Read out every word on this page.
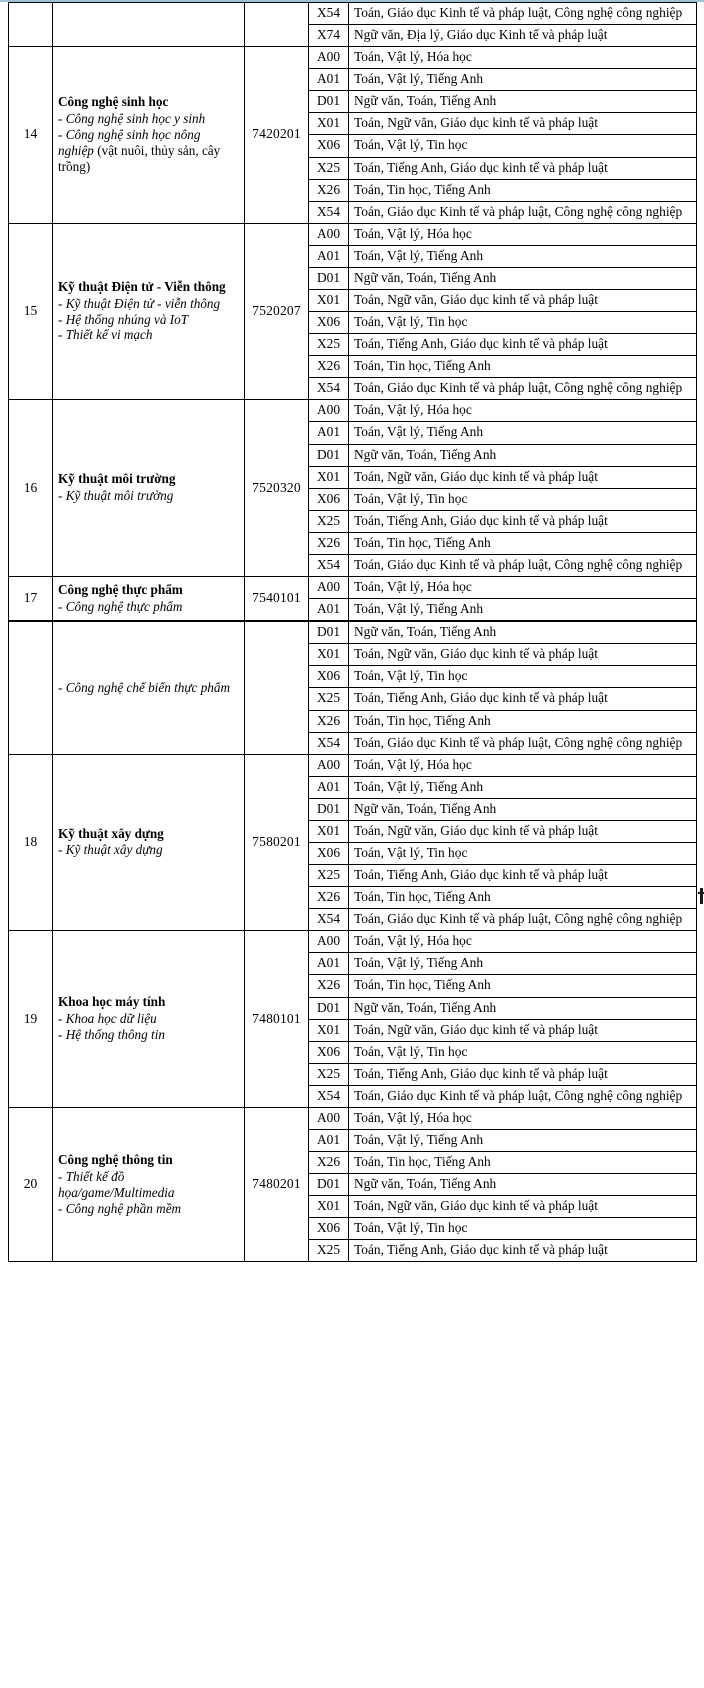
			X54	Toán, Giáo dục Kinh tế và pháp luật, Công nghệ công nghiệp
			X74	Ngữ văn, Địa lý, Giáo dục Kinh tế và pháp luật
14	Công nghệ sinh học
- Công nghệ sinh học y sinh
- Công nghệ sinh học nông nghiệp (vật nuôi, thủy sản, cây trồng)	7420201	A00	Toán, Vật lý, Hóa học
			A01	Toán, Vật lý, Tiếng Anh
			D01	Ngữ văn, Toán, Tiếng Anh
			X01	Toán, Ngữ văn, Giáo dục kinh tế và pháp luật
			X06	Toán, Vật lý, Tin học
			X25	Toán, Tiếng Anh, Giáo dục kinh tế và pháp luật
			X26	Toán, Tin học, Tiếng Anh
			X54	Toán, Giáo dục Kinh tế và pháp luật, Công nghệ công nghiệp
15	Kỹ thuật Điện tử - Viễn thông
- Kỹ thuật Điện tử - viễn thông
- Hệ thống nhúng và IoT
- Thiết kế vi mạch	7520207	A00	Toán, Vật lý, Hóa học
			A01	Toán, Vật lý, Tiếng Anh
			D01	Ngữ văn, Toán, Tiếng Anh
			X01	Toán, Ngữ văn, Giáo dục kinh tế và pháp luật
			X06	Toán, Vật lý, Tin học
			X25	Toán, Tiếng Anh, Giáo dục kinh tế và pháp luật
			X26	Toán, Tin học, Tiếng Anh
			X54	Toán, Giáo dục Kinh tế và pháp luật, Công nghệ công nghiệp
16	Kỹ thuật môi trường
- Kỹ thuật môi trường	7520320	A00	Toán, Vật lý, Hóa học
			A01	Toán, Vật lý, Tiếng Anh
			D01	Ngữ văn, Toán, Tiếng Anh
			X01	Toán, Ngữ văn, Giáo dục kinh tế và pháp luật
			X06	Toán, Vật lý, Tin học
			X25	Toán, Tiếng Anh, Giáo dục kinh tế và pháp luật
			X26	Toán, Tin học, Tiếng Anh
			X54	Toán, Giáo dục Kinh tế và pháp luật, Công nghệ công nghiệp
17	Công nghệ thực phẩm
- Công nghệ thực phẩm	7540101	A00	Toán, Vật lý, Hóa học
			A01	Toán, Vật lý, Tiếng Anh

	- Công nghệ chế biến thực phẩm		D01	Ngữ văn, Toán, Tiếng Anh
			X01	Toán, Ngữ văn, Giáo dục kinh tế và pháp luật
			X06	Toán, Vật lý, Tin học
			X25	Toán, Tiếng Anh, Giáo dục kinh tế và pháp luật
			X26	Toán, Tin học, Tiếng Anh
			X54	Toán, Giáo dục Kinh tế và pháp luật, Công nghệ công nghiệp
18	Kỹ thuật xây dựng
- Kỹ thuật xây dựng	7580201	A00	Toán, Vật lý, Hóa học
			A01	Toán, Vật lý, Tiếng Anh
			D01	Ngữ văn, Toán, Tiếng Anh
			X01	Toán, Ngữ văn, Giáo dục kinh tế và pháp luật
			X06	Toán, Vật lý, Tin học
			X25	Toán, Tiếng Anh, Giáo dục kinh tế và pháp luật
			X26	Toán, Tin học, Tiếng Anh
			X54	Toán, Giáo dục Kinh tế và pháp luật, Công nghệ công nghiệp
19	Khoa học máy tính
- Khoa học dữ liệu
- Hệ thống thông tin	7480101	A00	Toán, Vật lý, Hóa học
			A01	Toán, Vật lý, Tiếng Anh
			X26	Toán, Tin học, Tiếng Anh
			D01	Ngữ văn, Toán, Tiếng Anh
			X01	Toán, Ngữ văn, Giáo dục kinh tế và pháp luật
			X06	Toán, Vật lý, Tin học
			X25	Toán, Tiếng Anh, Giáo dục kinh tế và pháp luật
			X54	Toán, Giáo dục Kinh tế và pháp luật, Công nghệ công nghiệp
20	Công nghệ thông tin
- Thiết kế đồ họa/game/Multimedia
- Công nghệ phần mềm	7480201	A00	Toán, Vật lý, Hóa học
			A01	Toán, Vật lý, Tiếng Anh
			X26	Toán, Tin học, Tiếng Anh
			D01	Ngữ văn, Toán, Tiếng Anh
			X01	Toán, Ngữ văn, Giáo dục kinh tế và pháp luật
			X06	Toán, Vật lý, Tin học
			X25	Toán, Tiếng Anh, Giáo dục kinh tế và pháp luật
